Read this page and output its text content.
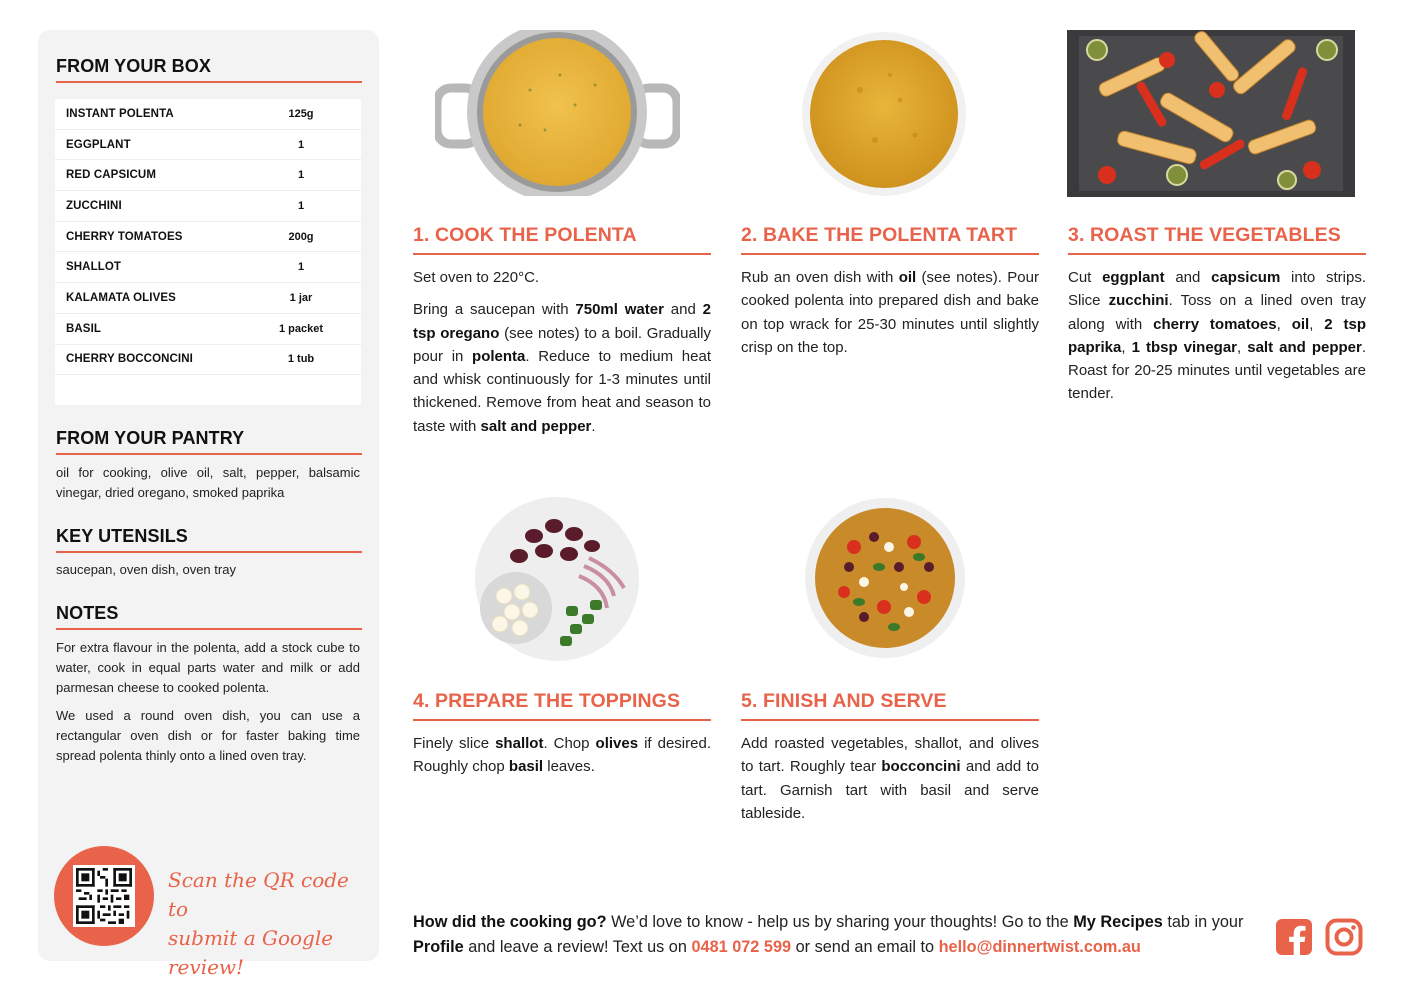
FROM YOUR BOX
INSTANT POLENTA	125g
EGGPLANT	1
RED CAPSICUM	1
ZUCCHINI	1
CHERRY TOMATOES	200g
SHALLOT	1
KALAMATA OLIVES	1 jar
BASIL	1 packet
CHERRY BOCCONCINI	1 tub
FROM YOUR PANTRY
oil for cooking, olive oil, salt, pepper, balsamic vinegar, dried oregano, smoked paprika
KEY UTENSILS
saucepan, oven dish, oven tray
NOTES
For extra flavour in the polenta, add a stock cube to water, cook in equal parts water and milk or add parmesan cheese to cooked polenta.
We used a round oven dish, you can use a rectangular oven dish or for faster baking time spread polenta thinly onto a lined oven tray.
Scan the QR code to
submit a Google review!
1. COOK THE POLENTA

Set oven to 220°C.

Bring a saucepan with 750ml water and 2 tsp oregano (see notes) to a boil. Gradually pour in polenta. Reduce to medium heat and whisk continuously for 1-3 minutes until thickened. Remove from heat and season to taste with salt and pepper.

2. BAKE THE POLENTA TART

Rub an oven dish with oil (see notes). Pour cooked polenta into prepared dish and bake on top wrack for 25-30 minutes until slightly crisp on the top.

3. ROAST THE VEGETABLES

Cut eggplant and capsicum into strips. Slice zucchini. Toss on a lined oven tray along with cherry tomatoes, oil, 2 tsp paprika, 1 tbsp vinegar, salt and pepper. Roast for 20-25 minutes until vegetables are tender.

4. PREPARE THE TOPPINGS

Finely slice shallot. Chop olives if desired. Roughly chop basil leaves.

5. FINISH AND SERVE

Add roasted vegetables, shallot, and olives to tart. Roughly tear bocconcini and add to tart. Garnish tart with basil and serve tableside.

How did the cooking go? We’d love to know - help us by sharing your thoughts! Go to the My Recipes tab in your Profile and leave a review! Text us on 0481 072 599 or send an email to hello@dinnertwist.com.au
